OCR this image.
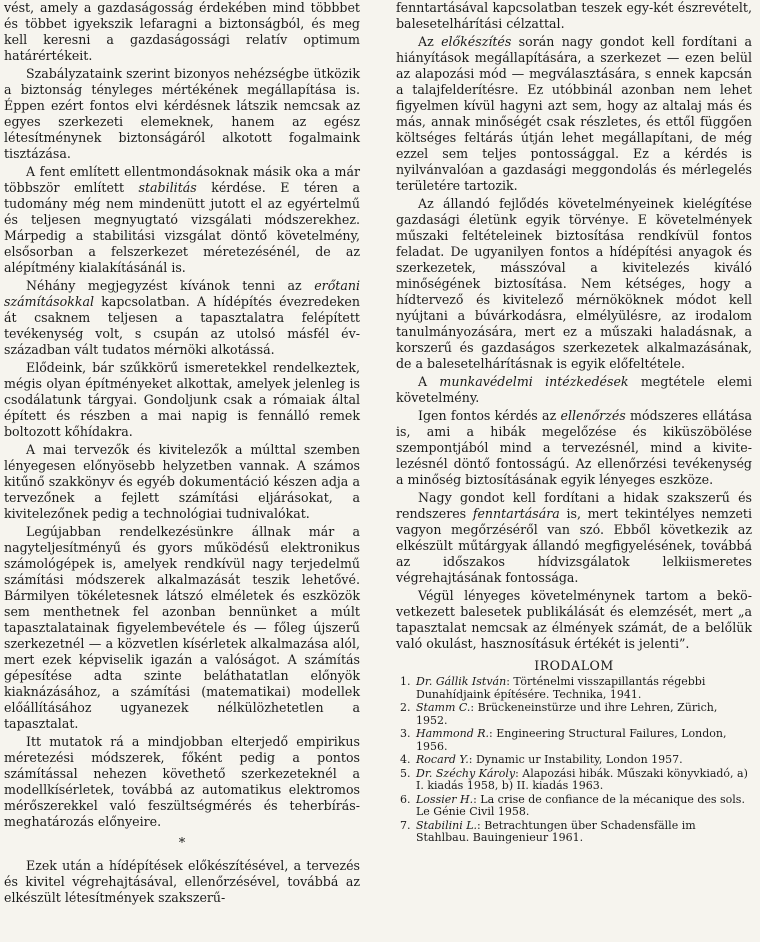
vést, amely a gazdaságosság érdekében mind többbet és többet igyekszik lefaragni a biztonságból, és meg kell keresni a gazdaságossági relatív optimum határértékeit.

Szabályzataink szerint bizonyos nehézségbe ütközik a biztonság tényleges mértékének megállapítása is. Éppen ezért fontos elvi kérdésnek látszik nemcsak az egyes szerkezeti elemeknek, hanem az egész létesítménynek biztonságáról alkotott fogalmaink tisztázása.

A fent említett ellentmondásoknak másik oka a már többször említett stabilitás kérdése. E téren a tudomány még nem mindenütt jutott el az egyértelmű és teljesen megnyugtató vizsgálati módszerekhez. Márpedig a stabilitási vizsgálat döntő követelmény, elsősorban a felszerkezet méretezésénél, de az alépítmény kialakításánál is.

Néhány megjegyzést kívánok tenni az erőtani számításokkal kapcsolatban. A hídépítés évezredeken át csaknem teljesen a tapasztalatra felépített tevékenység volt, s csupán az utolsó másfél évszázadban vált tudatos mérnöki alkotássá.

Elődeink, bár szűkkörű ismeretekkel rendelkeztek, mégis olyan építményeket alkottak, amelyek jelenleg is csodálatunk tárgyai. Gondoljunk csak a rómaiak által épített és részben a mai napig is fennálló remek boltozott kőhídakra.

A mai tervezők és kivitelezők a múlttal szemben lényegesen előnyösebb helyzetben vannak. A számos kitűnő szakkönyv és egyéb dokumentáció készen adja a tervezőnek a fejlett számítási eljárásokat, a kivitelezőnek pedig a technológiai tudnivalókat.

Legújabban rendelkezésünkre állnak már a nagyteljesítményű és gyors működésű elektronikus számológépek is, amelyek rendkívül nagy terjedelmű számítási módszerek alkalmazását teszik lehetővé. Bármilyen tökéletesnek látszó elméletek és eszközök sem menthetnek fel azonban bennünket a múlt tapasztalatainak figyelembevétele és — főleg újszerű szerkezetnél — a közvetlen kísérletek alkalmazása alól, mert ezek képviselik igazán a valóságot. A számítás gépesítése adta szinte beláthatatlan előnyök kiaknázásához, a számítási (matematikai) modellek előállításához ugyanezek nélkülözhetetlen a tapasztalat.

Itt mutatok rá a mindjobban elterjedő empirikus méretezési módszerek, főként pedig a pontos számítással nehezen követhető szerkezeteknél a modellkísérletek, továbbá az automatikus elektromos mérőszerekkel való feszültségmérés és teherbírásmeghatározás előnyeire.

*

Ezek után a hídépítések előkészítésével, a tervezés és kivitel végrehajtásával, ellenőrzésével, továbbá az elkészült létesítmények szakszerű-

fenntartásával kapcsolatban teszek egy-két észrevételt, balesetelhárítási célzattal.

Az előkészítés során nagy gondot kell fordítani a hiányítások megállapítására, a szerkezet — ezen belül az alapozási mód — megválasztására, s ennek kapcsán a talajfelderítésre. Ez utóbbinál azonban nem lehet figyelmen kívül hagyni azt sem, hogy az altalaj más és más, annak minőségét csak részletes, és ettől függően költséges feltárás útján lehet megállapítani, de még ezzel sem teljes pontossággal. Ez a kérdés is nyilvánvalóan a gazdasági meggondolás és mérlegelés területére tartozik.

Az állandó fejlődés követelményeinek kielégítése gazdasági életünk egyik törvénye. E követelmények műszaki feltételeinek biztosítása rendkívül fontos feladat. De ugyanilyen fontos a hídépítési anyagok és szerkezetek, másszóval a kivitelezés kiváló minőségének biztosítása. Nem kétséges, hogy a hídtervező és kivitelező mérnököknek módot kell nyújtani a búvárkodásra, elmélyülésre, az irodalom tanulmányozására, mert ez a műszaki haladásnak, a korszerű és gazdaságos szerkezetek alkalmazásának, de a balesetelhárításnak is egyik előfeltétele.

A munkavédelmi intézkedések megtétele elemi követelmény.

Igen fontos kérdés az ellenőrzés módszeres ellátása is, ami a hibák megelőzése és kiküszöbölése szempontjából mind a tervezésnél, mind a kivitelezésnél döntő fontosságú. Az ellenőrzési tevékenység a minőség biztosításának egyik lényeges eszköze.

Nagy gondot kell fordítani a hidak szakszerű és rendszeres fenntartására is, mert tekintélyes nemzeti vagyon megőrzéséről van szó. Ebből következik az elkészült műtárgyak állandó megfigyelésének, továbbá az időszakos hídvizsgálatok lelkiismeretes végrehajtásának fontossága.

Végül lényeges követelménynek tartom a bekövetkezett balesetek publikálását és elemzését, mert „a tapasztalat nemcsak az élmények számát, de a belőlük való okulást, hasznosításuk értékét is jelenti”.

IRODALOM
1. Dr. Gállik István: Történelmi visszapillantás régebbi Dunahídjaink építésére. Technika, 1941.
2. Stamm C.: Brückeneinstürze und ihre Lehren, Zürich, 1952.
3. Hammond R.: Engineering Structural Failures, London, 1956.
4. Rocard Y.: Dynamic ur Instability, London 1957.
5. Dr. Széchy Károly: Alapozási hibák. Műszaki könyvkiadó, a) I. kiadás 1958, b) II. kiadás 1963.
6. Lossier H.: La crise de confiance de la mécanique des sols. Le Génie Civil 1958.
7. Stabilini L.: Betrachtungen über Schadensfälle im Stahlbau. Bauingenieur 1961.
